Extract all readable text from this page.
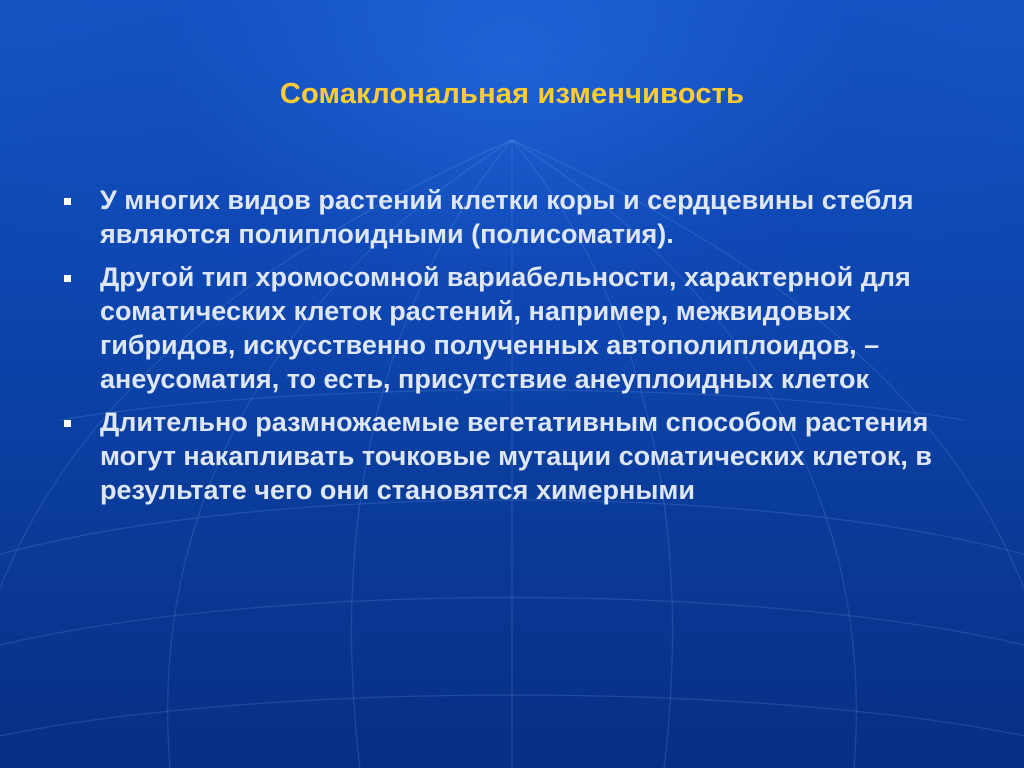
Сомаклональная изменчивость
У многих видов растений клетки коры и сердцевины стебля являются полиплоидными (полисоматия).
Другой тип хромосомной вариабельности, характерной для соматических клеток растений, например, межвидовых гибридов, искусственно полученных автополиплоидов, – анеусоматия, то есть, присутствие анеуплоидных клеток
Длительно размножаемые вегетативным способом растения могут накапливать точковые мутации соматических клеток, в результате чего они становятся химерными
